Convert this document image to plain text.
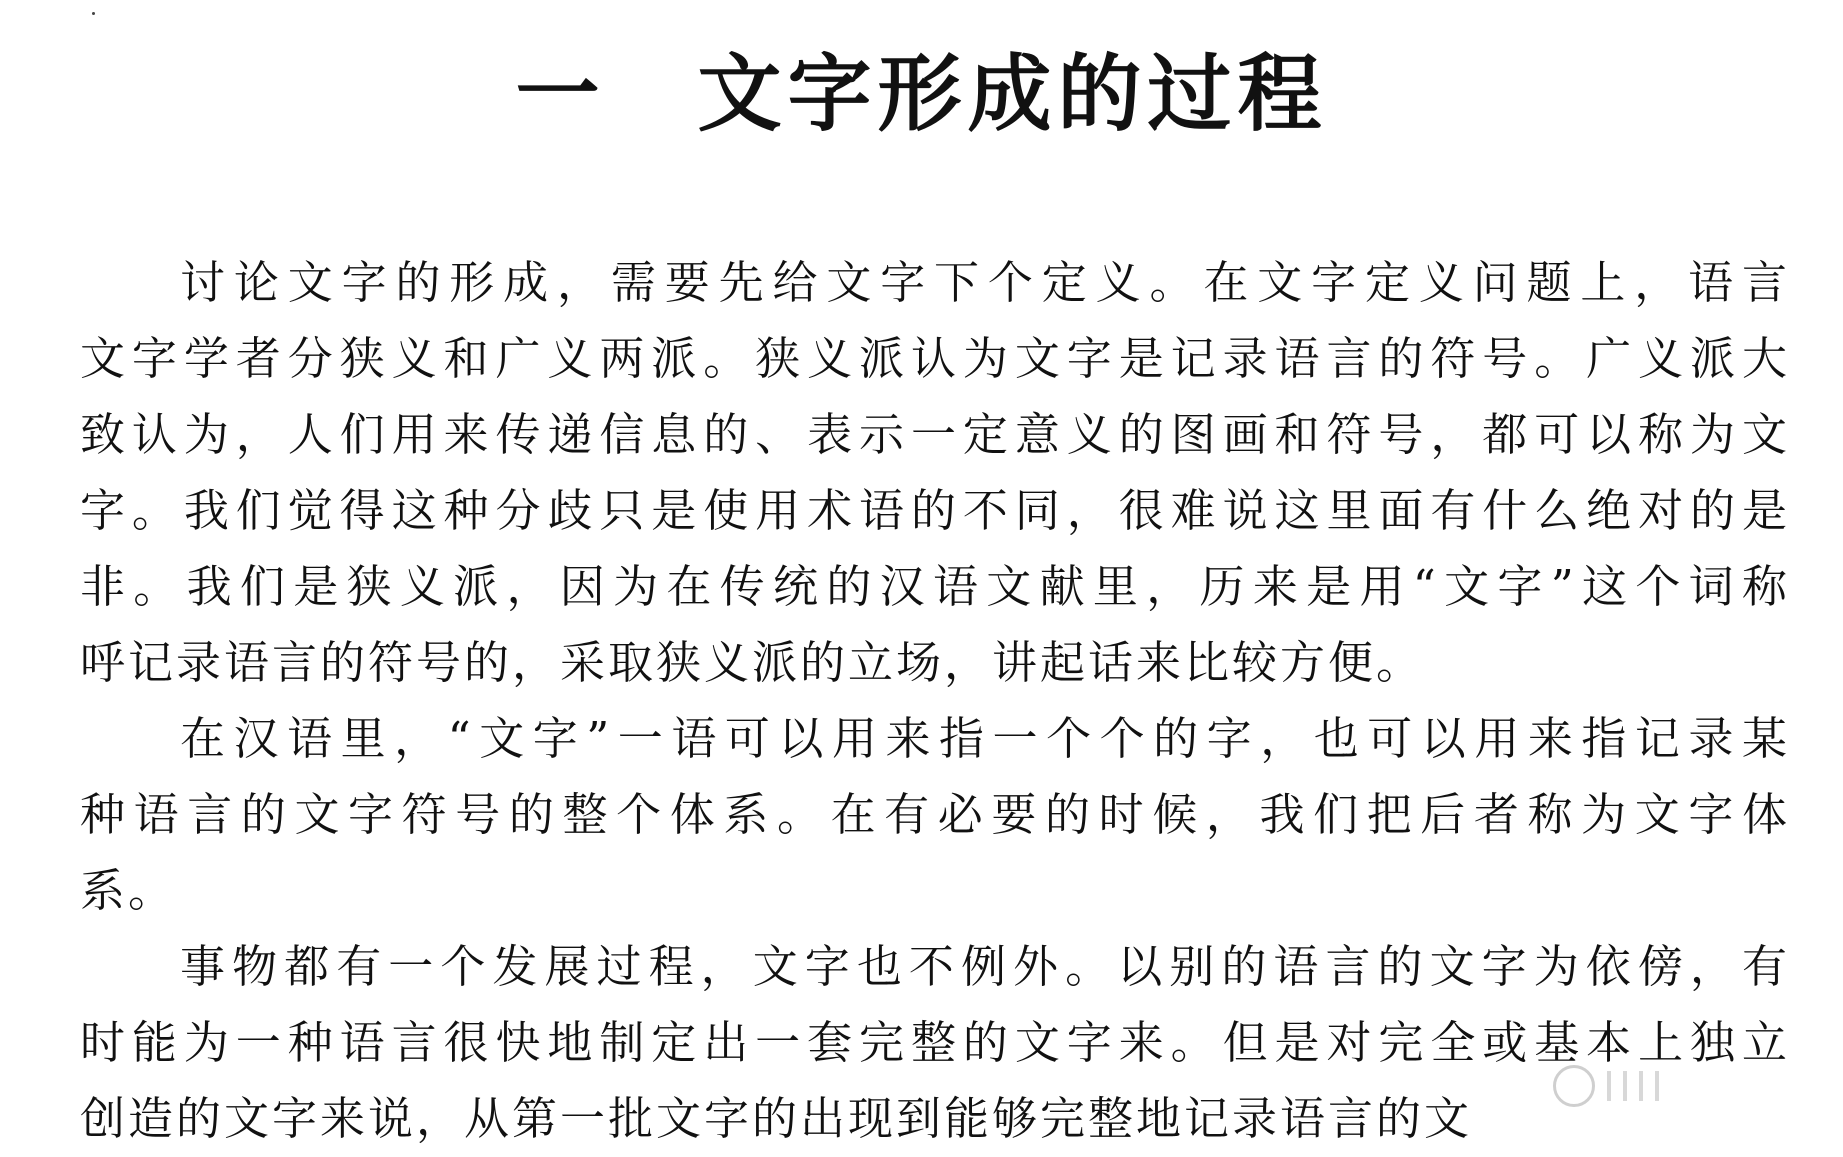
一 文字形成的过程
讨论文字的形成，需要先给文字下个定义。在文字定义问题上，语言
文字学者分狭义和广义两派。狭义派认为文字是记录语言的符号。广义派大
致认为，人们用来传递信息的、表示一定意义的图画和符号，都可以称为文
字。我们觉得这种分歧只是使用术语的不同，很难说这里面有什么绝对的是
非。我们是狭义派，因为在传统的汉语文献里，历来是用“文字”这个词称
呼记录语言的符号的，采取狭义派的立场，讲起话来比较方便。
在汉语里，“文字”一语可以用来指一个个的字，也可以用来指记录某
种语言的文字符号的整个体系。在有必要的时候，我们把后者称为文字体
系。
事物都有一个发展过程，文字也不例外。以别的语言的文字为依傍，有
时能为一种语言很快地制定出一套完整的文字来。但是对完全或基本上独立
创造的文字来说，从第一批文字的出现到能够完整地记录语言的文
